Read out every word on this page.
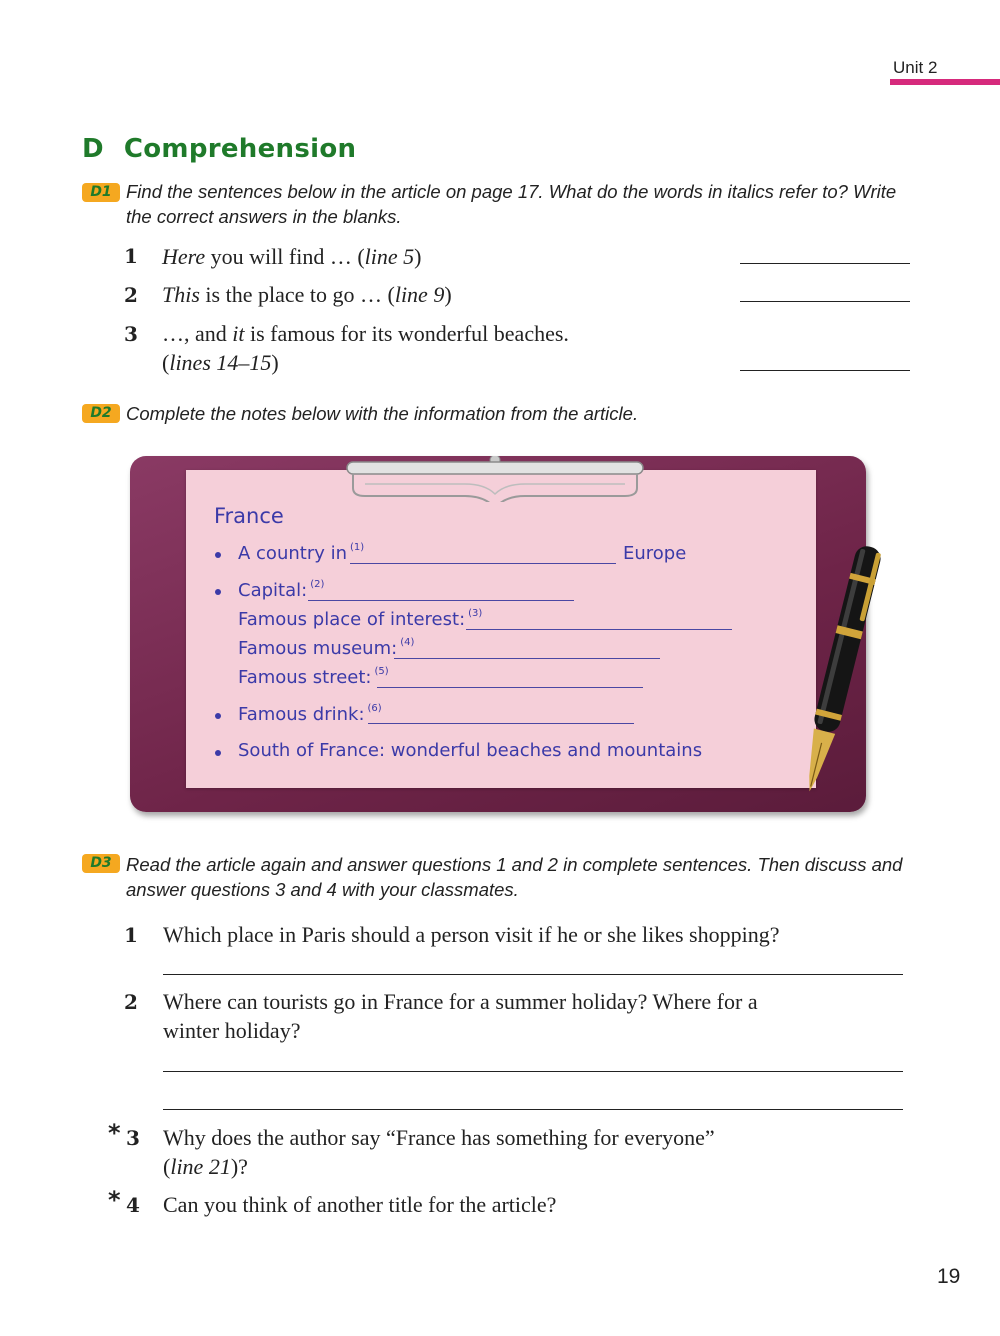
Unit 2
D Comprehension
D1 Find the sentences below in the article on page 17. What do the words in italics refer to? Write the correct answers in the blanks.
1 Here you will find … (line 5)
2 This is the place to go … (line 9)
3 …, and it is famous for its wonderful beaches.
(lines 14–15)
D2 Complete the notes below with the information from the article.
France
A country in $^{(1)}$	Europe
Capital: $^{(2)}$
Famous place of interest: $^{(3)}$
Famous museum: $^{(4)}$
Famous street: $^{(5)}$
Famous drink: $^{(6)}$
South of France: wonderful beaches and mountains
D3 Read the article again and answer questions 1 and 2 in complete sentences. Then discuss and answer questions 3 and 4 with your classmates.
1 Which place in Paris should a person visit if he or she likes shopping?
2 Where can tourists go in France for a summer holiday? Where for a
winter holiday?
* 3 Why does the author say “France has something for everyone”
(line 21)?
* 4 Can you think of another title for the article?
19
